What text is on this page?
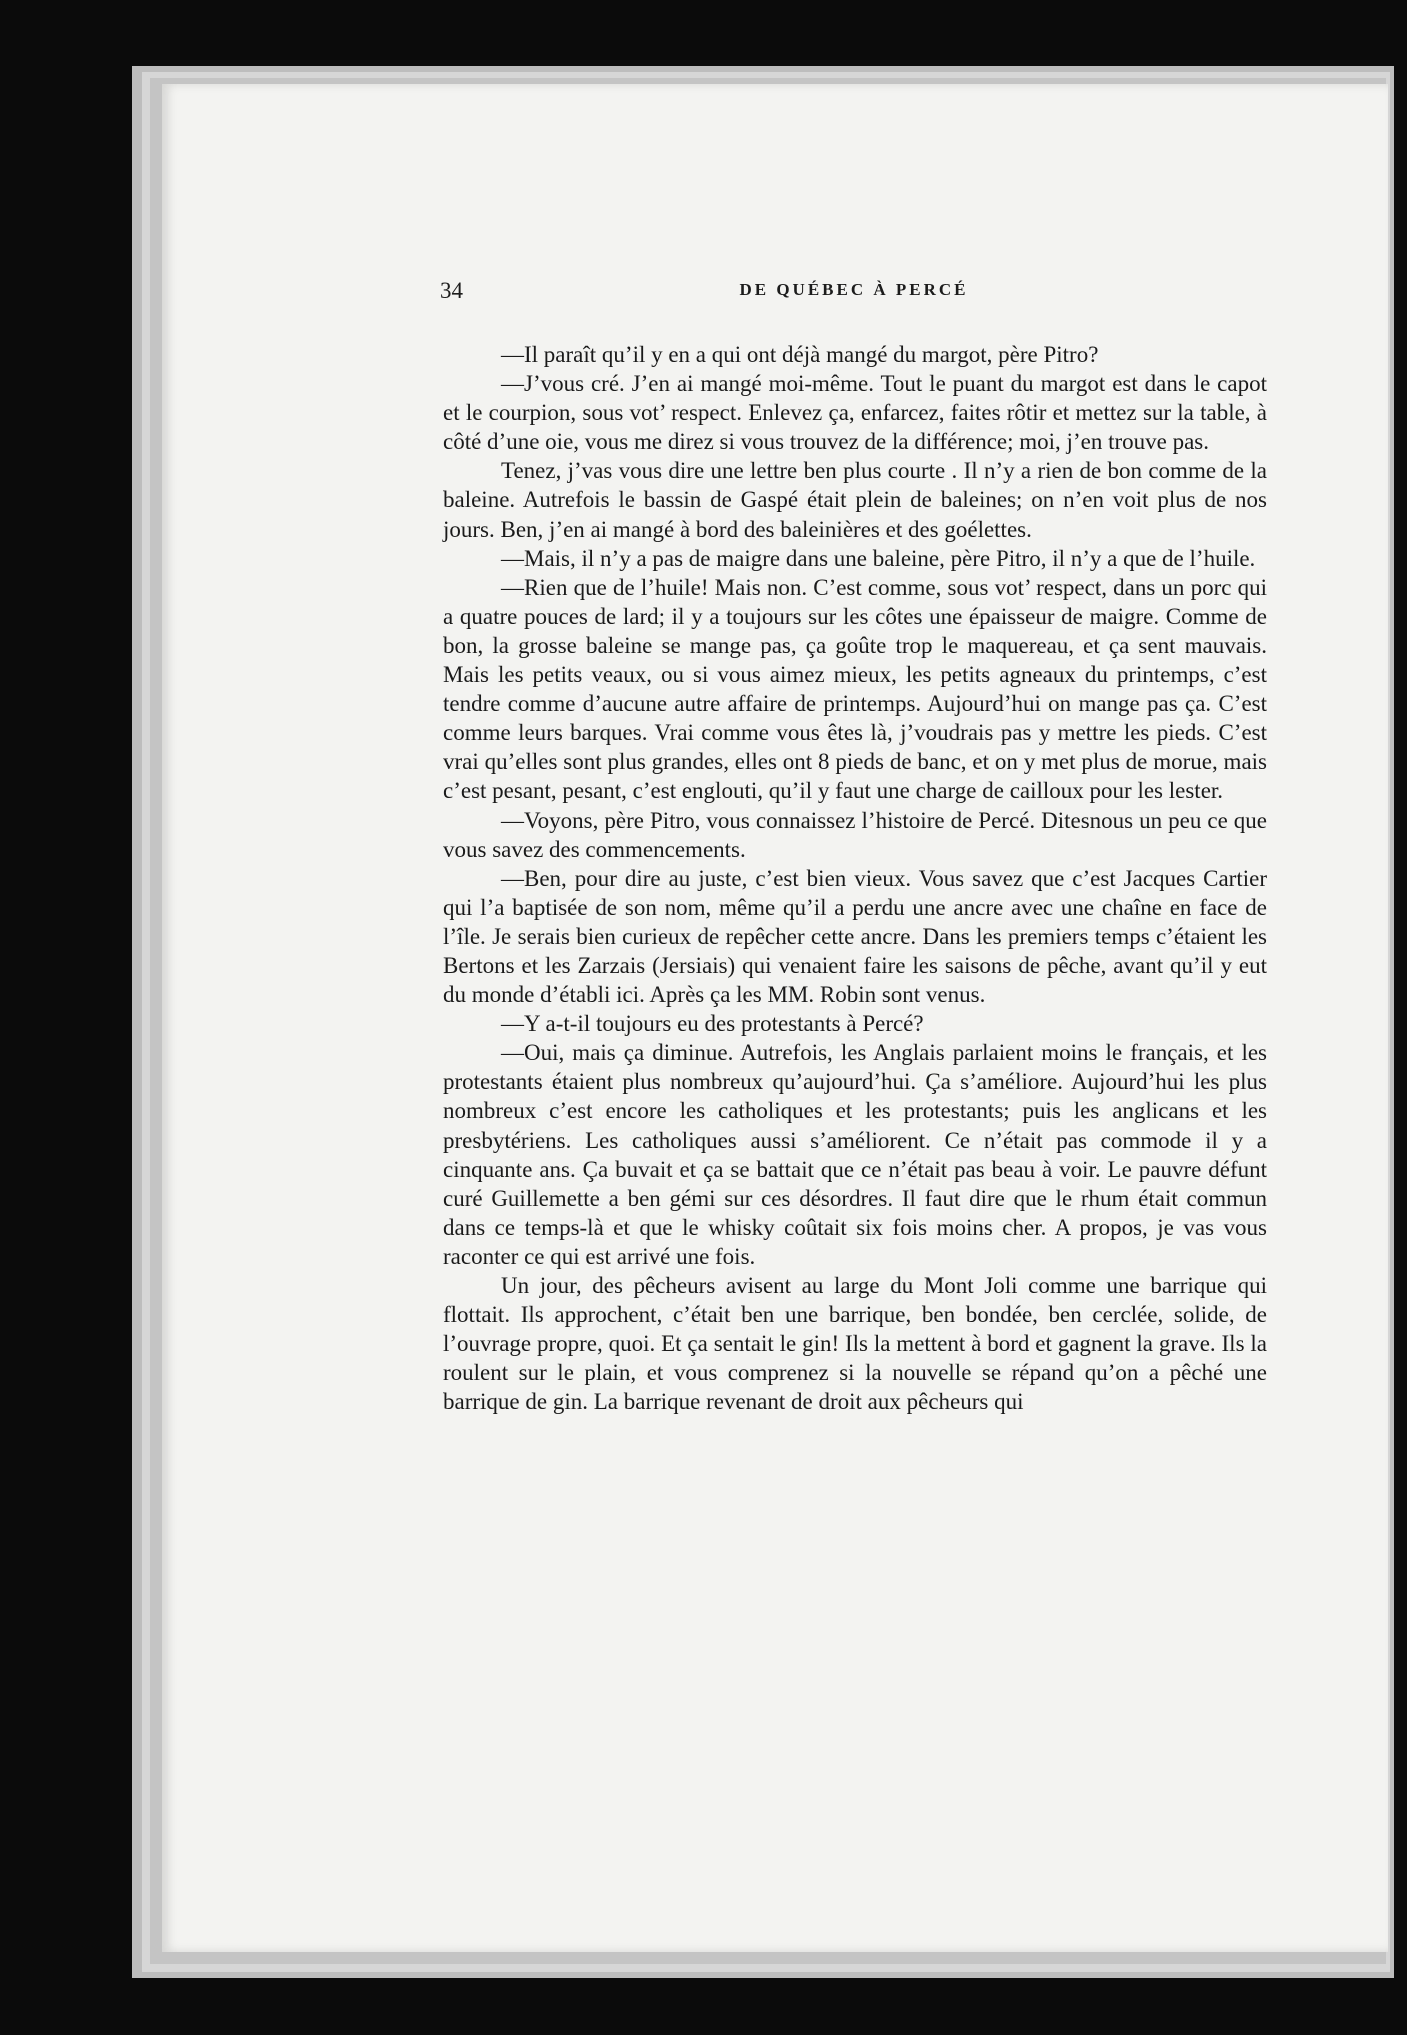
34	DE QUÉBEC À PERCÉ

—Il paraît qu’il y en a qui ont déjà mangé du margot, père Pitro?

—J’vous cré. J’en ai mangé moi-même. Tout le puant du margot est dans le capot et le courpion, sous vot’ respect. Enlevez ça, enfarcez, faites rôtir et mettez sur la table, à côté d’une oie, vous me direz si vous trouvez de la différence; moi, j’en trouve pas.

Tenez, j’vas vous dire une lettre ben plus courte . Il n’y a rien de bon comme de la baleine. Autrefois le bassin de Gaspé était plein de baleines; on n’en voit plus de nos jours. Ben, j’en ai mangé à bord des baleinières et des goélettes.

—Mais, il n’y a pas de maigre dans une baleine, père Pitro, il n’y a que de l’huile.

—Rien que de l’huile! Mais non. C’est comme, sous vot’ respect, dans un porc qui a quatre pouces de lard; il y a toujours sur les côtes une épaisseur de maigre. Comme de bon, la grosse baleine se mange pas, ça goûte trop le maquereau, et ça sent mauvais. Mais les petits veaux, ou si vous aimez mieux, les petits agneaux du printemps, c’est tendre comme d’aucune autre affaire de printemps. Aujourd’hui on mange pas ça. C’est comme leurs barques. Vrai comme vous êtes là, j’voudrais pas y mettre les pieds. C’est vrai qu’elles sont plus grandes, elles ont 8 pieds de banc, et on y met plus de morue, mais c’est pesant, pesant, c’est englouti, qu’il y faut une charge de cailloux pour les lester.

—Voyons, père Pitro, vous connaissez l’histoire de Percé. Ditesnous un peu ce que vous savez des commencements.

—Ben, pour dire au juste, c’est bien vieux. Vous savez que c’est Jacques Cartier qui l’a baptisée de son nom, même qu’il a perdu une ancre avec une chaîne en face de l’île. Je serais bien curieux de repêcher cette ancre. Dans les premiers temps c’étaient les Bertons et les Zarzais (Jersiais) qui venaient faire les saisons de pêche, avant qu’il y eut du monde d’établi ici. Après ça les MM. Robin sont venus.

—Y a-t-il toujours eu des protestants à Percé?

—Oui, mais ça diminue. Autrefois, les Anglais parlaient moins le français, et les protestants étaient plus nombreux qu’aujourd’hui. Ça s’améliore. Aujourd’hui les plus nombreux c’est encore les catholiques et les protestants; puis les anglicans et les presbytériens. Les catholiques aussi s’améliorent. Ce n’était pas commode il y a cinquante ans. Ça buvait et ça se battait que ce n’était pas beau à voir. Le pauvre défunt curé Guillemette a ben gémi sur ces désordres. Il faut dire que le rhum était commun dans ce temps-là et que le whisky coûtait six fois moins cher. A propos, je vas vous raconter ce qui est arrivé une fois.

Un jour, des pêcheurs avisent au large du Mont Joli comme une barrique qui flottait. Ils approchent, c’était ben une barrique, ben bondée, ben cerclée, solide, de l’ouvrage propre, quoi. Et ça sentait le gin! Ils la mettent à bord et gagnent la grave. Ils la roulent sur le plain, et vous comprenez si la nouvelle se répand qu’on a pêché une barrique de gin. La barrique revenant de droit aux pêcheurs qui
